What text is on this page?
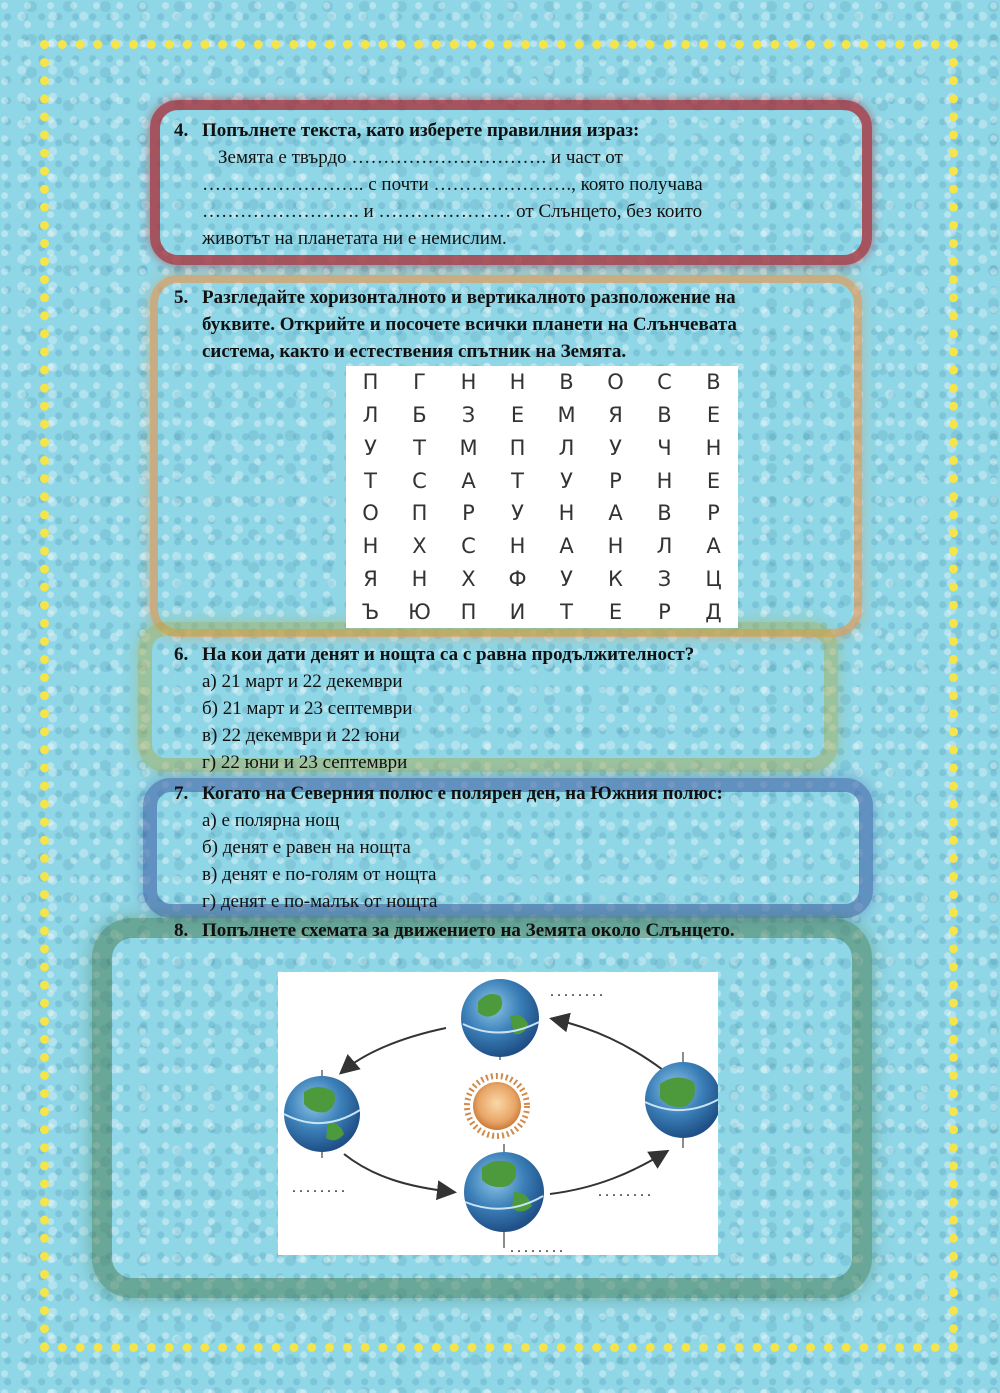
4. Попълнете текста, като изберете правилния израз:
Земята е твърдо …………………………. и част от
…………………….. с почти …………………., която получава
……………………. и ………………… от Слънцето, без които
животът на планетата ни е немислим.
5. Разгледайте хоризонталното и вертикалното разположение на
буквите. Открийте и посочете всички планети на Слънчевата
система, както и естествения спътник на Земята.
П	Г	Н	Н	В	О	С	В
Л	Б	З	Е	М	Я	В	Е
У	Т	М	П	Л	У	Ч	Н
Т	С	А	Т	У	Р	Н	Е
О	П	Р	У	Н	А	В	Р
Н	Х	С	Н	А	Н	Л	А
Я	Н	Х	Ф	У	К	З	Ц
Ъ	Ю	П	И	Т	Е	Р	Д
6. На кои дати денят и нощта са с равна продължителност?
а) 21 март и 22 декември
б) 21 март и 23 септември
в) 22 декември и 22 юни
г) 22 юни и 23 септември
7. Когато на Северния полюс е полярен ден, на Южния полюс:
а) е полярна нощ
б) денят е равен на нощта
в) денят е по-голям от нощта
г) денят е по-малък от нощта
8. Попълнете схемата за движението на Земята около Слънцето.
........
........	........
........
